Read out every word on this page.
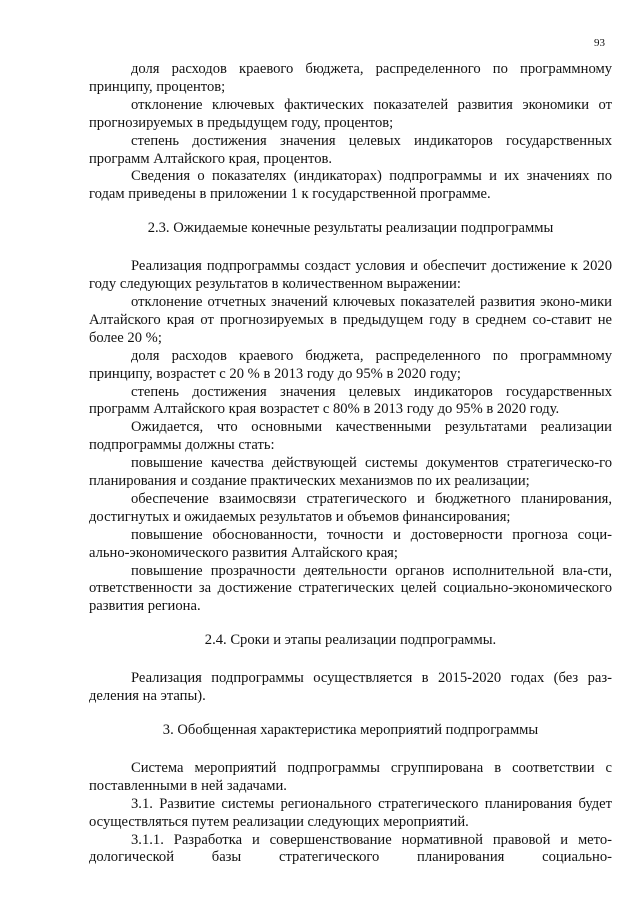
93

доля расходов краевого бюджета, распределенного по программному принципу, процентов;

отклонение ключевых фактических показателей развития экономики от прогнозируемых в предыдущем году, процентов;

степень достижения значения целевых индикаторов государственных программ Алтайского края, процентов.

Сведения о показателях (индикаторах) подпрограммы и их значениях по годам приведены в приложении 1 к государственной программе.

2.3. Ожидаемые конечные результаты реализации подпрограммы

Реализация подпрограммы создаст условия и обеспечит достижение к 2020 году следующих результатов в количественном выражении:

отклонение отчетных значений ключевых показателей развития эконо-мики Алтайского края от прогнозируемых в предыдущем году в среднем со-ставит не более 20 %;

доля расходов краевого бюджета, распределенного по программному принципу, возрастет с 20 % в 2013 году до 95% в 2020 году;

степень достижения значения целевых индикаторов государственных программ Алтайского края возрастет с 80% в 2013 году до 95% в 2020 году.

Ожидается, что основными качественными результатами реализации подпрограммы должны стать:

повышение качества действующей системы документов стратегическо-го планирования и создание практических механизмов по их реализации;

обеспечение взаимосвязи стратегического и бюджетного планирования, достигнутых и ожидаемых результатов и объемов финансирования;

повышение обоснованности, точности и достоверности прогноза соци-ально-экономического развития Алтайского края;

повышение прозрачности деятельности органов исполнительной вла-сти, ответственности за достижение стратегических целей социально-экономического развития региона.

2.4. Сроки и этапы реализации подпрограммы.

Реализация подпрограммы осуществляется в 2015-2020 годах (без раз-деления на этапы).

3. Обобщенная характеристика мероприятий подпрограммы

Система мероприятий подпрограммы сгруппирована в соответствии с поставленными в ней задачами.

3.1. Развитие системы регионального стратегического планирования будет осуществляться путем реализации следующих мероприятий.

3.1.1. Разработка и совершенствование нормативной правовой и мето-

дологической базы стратегического планирования социально-
